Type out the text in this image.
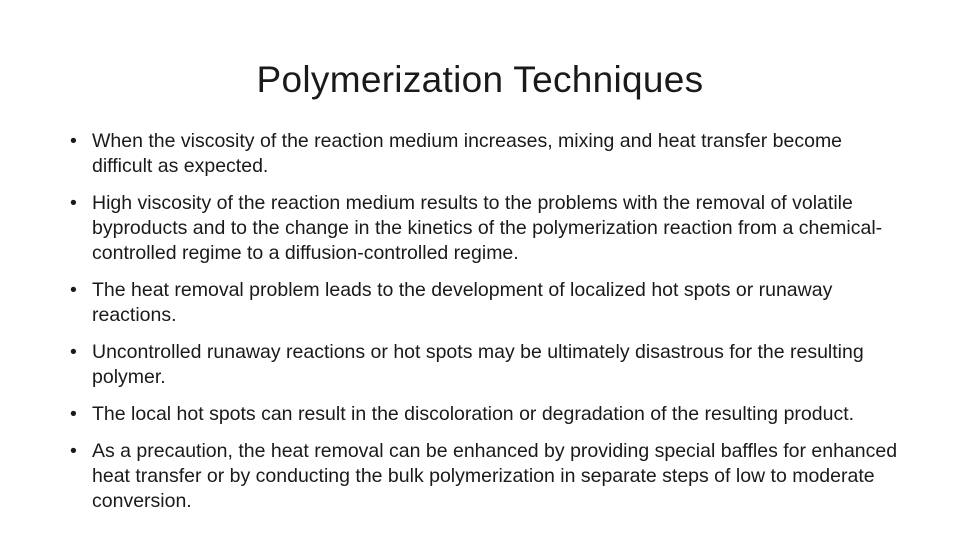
Polymerization Techniques
• When the viscosity of the reaction medium increases, mixing and heat transfer become difficult as expected.
• High viscosity of the reaction medium results to the problems with the removal of volatile byproducts and to the change in the kinetics of the polymerization reaction from a chemical-controlled regime to a diffusion-controlled regime.
• The heat removal problem leads to the development of localized hot spots or runaway reactions.
• Uncontrolled runaway reactions or hot spots may be ultimately disastrous for the resulting polymer.
• The local hot spots can result in the discoloration or degradation of the resulting product.
• As a precaution, the heat removal can be enhanced by providing special baffles for enhanced heat transfer or by conducting the bulk polymerization in separate steps of low to moderate conversion.
